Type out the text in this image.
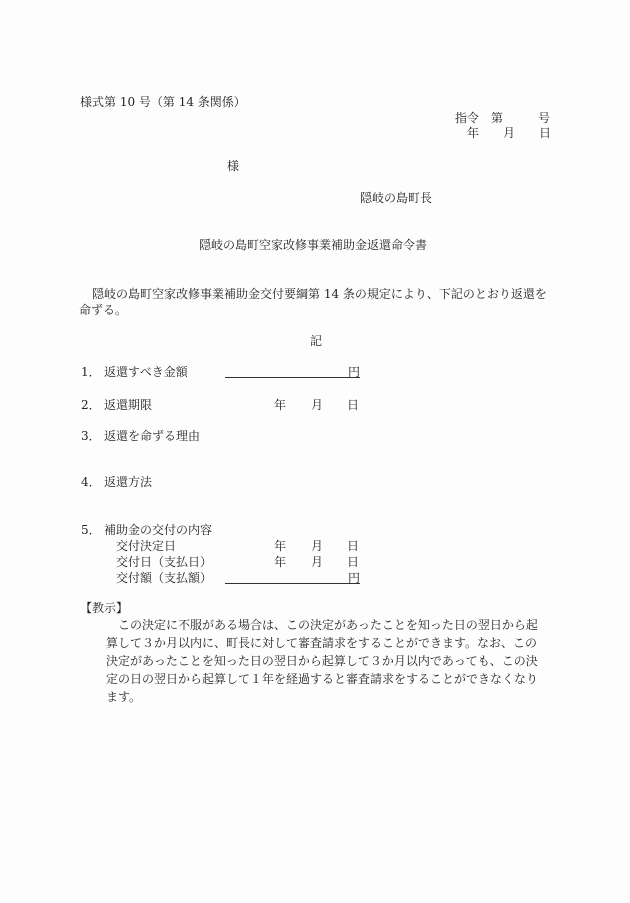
様式第 10 号（第 14 条関係）
指令 第	号
年 月 日
様
隠岐の島町長
隠岐の島町空家改修事業補助金返還命令書
隠岐の島町空家改修事業補助金交付要綱第 14 条の規定により、下記のとおり返還を
命ずる。
記
1． 返還すべき金額	円
2． 返還期限	年 月 日
3． 返還を命ずる理由
4． 返還方法
5． 補助金の交付の内容
交付決定日	年 月 日
交付日（支払日）	年 月 日
交付額（支払額）	円
【教示】
この決定に不服がある場合は、この決定があったことを知った日の翌日から起
算して３か月以内に、町長に対して審査請求をすることができます。なお、この
決定があったことを知った日の翌日から起算して３か月以内であっても、この決
定の日の翌日から起算して１年を経過すると審査請求をすることができなくなり
ます。
